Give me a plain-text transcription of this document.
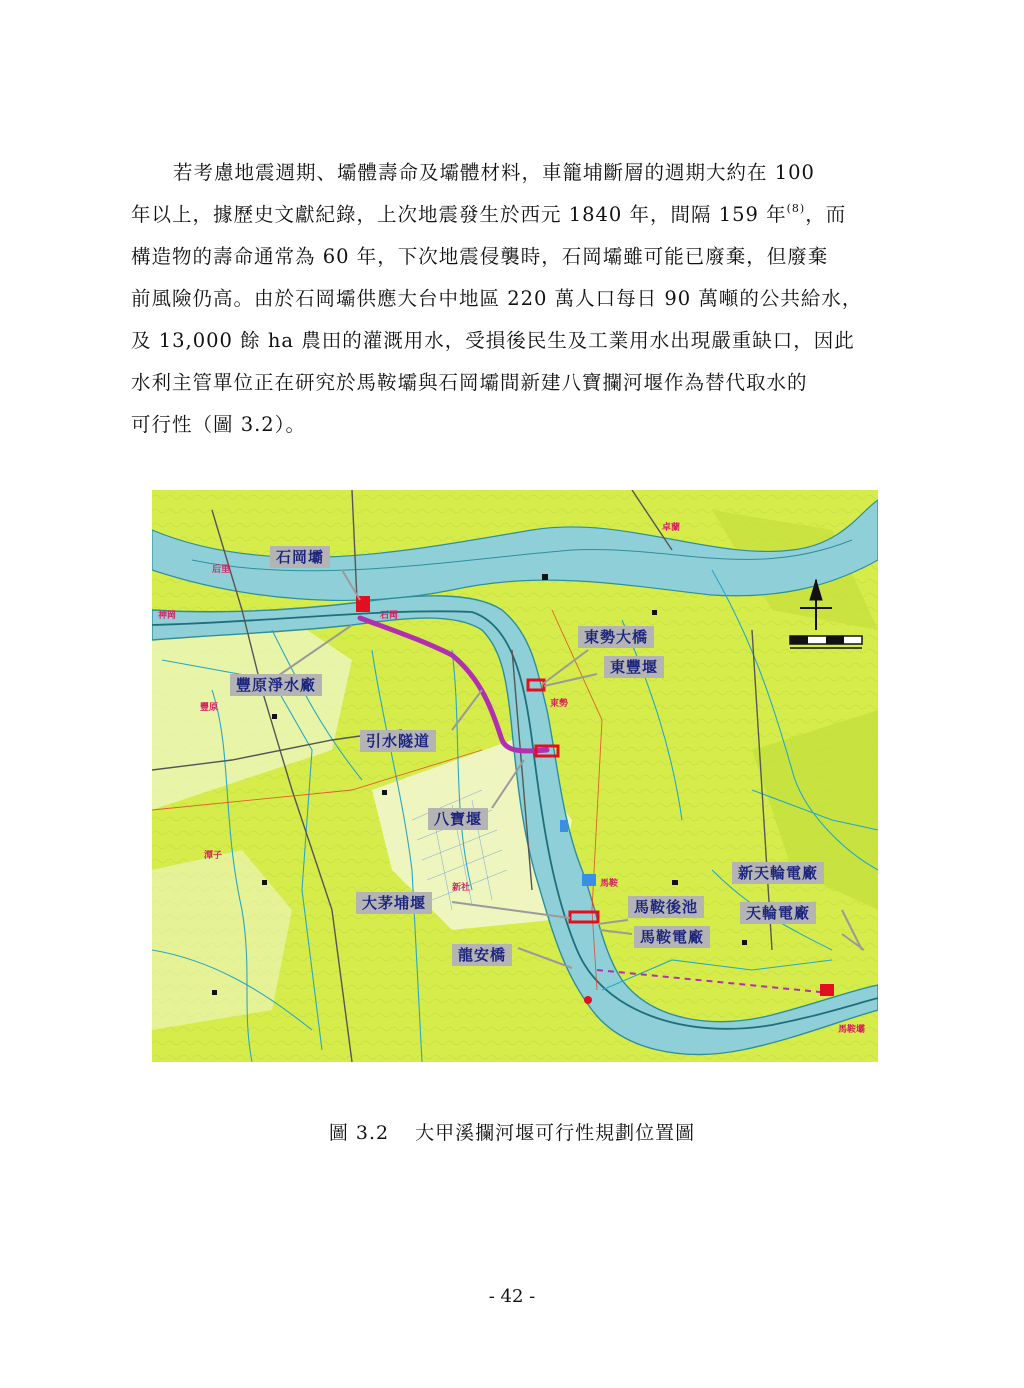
若考慮地震週期、壩體壽命及壩體材料，車籠埔斷層的週期大約在 100
年以上，據歷史文獻紀錄，上次地震發生於西元 1840 年，間隔 159 年$^{(8)}$，而
構造物的壽命通常為 60 年，下次地震侵襲時，石岡壩雖可能已廢棄，但廢棄
前風險仍高。由於石岡壩供應大台中地區 220 萬人口每日 90 萬噸的公共給水，
及 13,000 餘 ha 農田的灌溉用水，受損後民生及工業用水出現嚴重缺口，因此
水利主管單位正在研究於馬鞍壩與石岡壩間新建八寶攔河堰作為替代取水的
可行性（圖 3.2）。
卓蘭
后里
神岡
豐原
石岡
東勢
潭子
新社	馬鞍
馬鞍壩
石岡壩
豐原淨水廠
引水隧道
八寶堰
東勢大橋
東豐堰
大茅埔堰	馬鞍後池
馬鞍電廠
龍安橋
新天輪電廠
天輪電廠
圖 3.2 大甲溪攔河堰可行性規劃位置圖
- 42 -
